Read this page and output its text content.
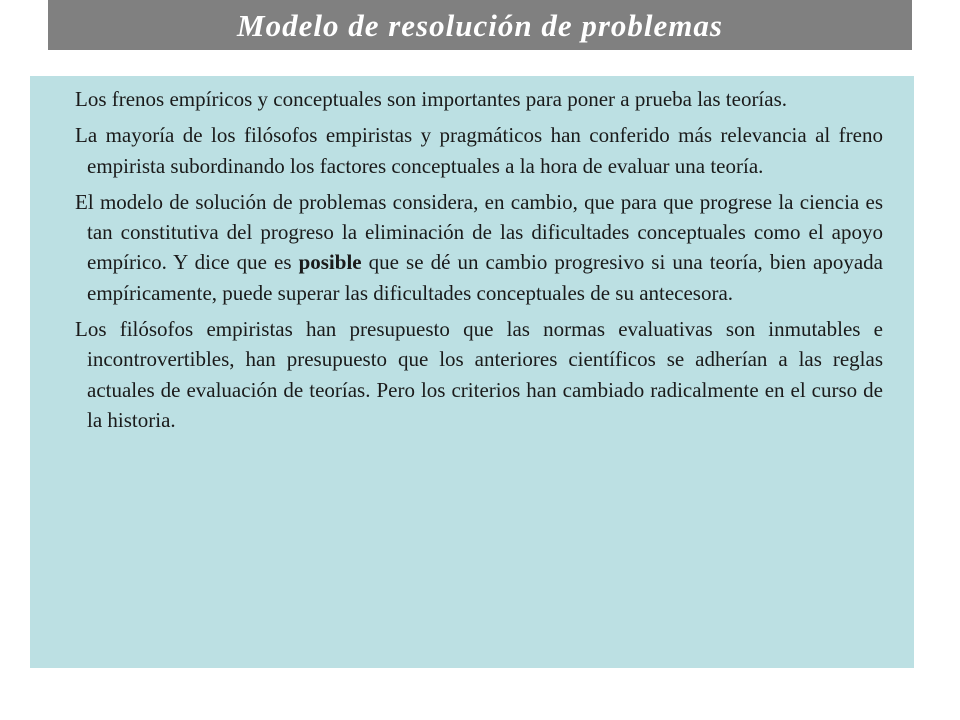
Modelo de resolución de problemas

Los frenos empíricos y conceptuales son importantes para poner a prueba las teorías.

La mayoría de los filósofos empiristas y pragmáticos han conferido más relevancia al freno empirista subordinando los factores conceptuales a la hora de evaluar una teoría.

El modelo de solución de problemas considera, en cambio, que para que progrese la ciencia es tan constitutiva del progreso la eliminación de las dificultades conceptuales como el apoyo empírico. Y dice que es posible que se dé un cambio progresivo si una teoría, bien apoyada empíricamente, puede superar las dificultades conceptuales de su antecesora.

Los filósofos empiristas han presupuesto que las normas evaluativas son inmutables e incontrovertibles, han presupuesto que los anteriores científicos se adherían a las reglas actuales de evaluación de teorías. Pero los criterios han cambiado radicalmente en el curso de la historia.
